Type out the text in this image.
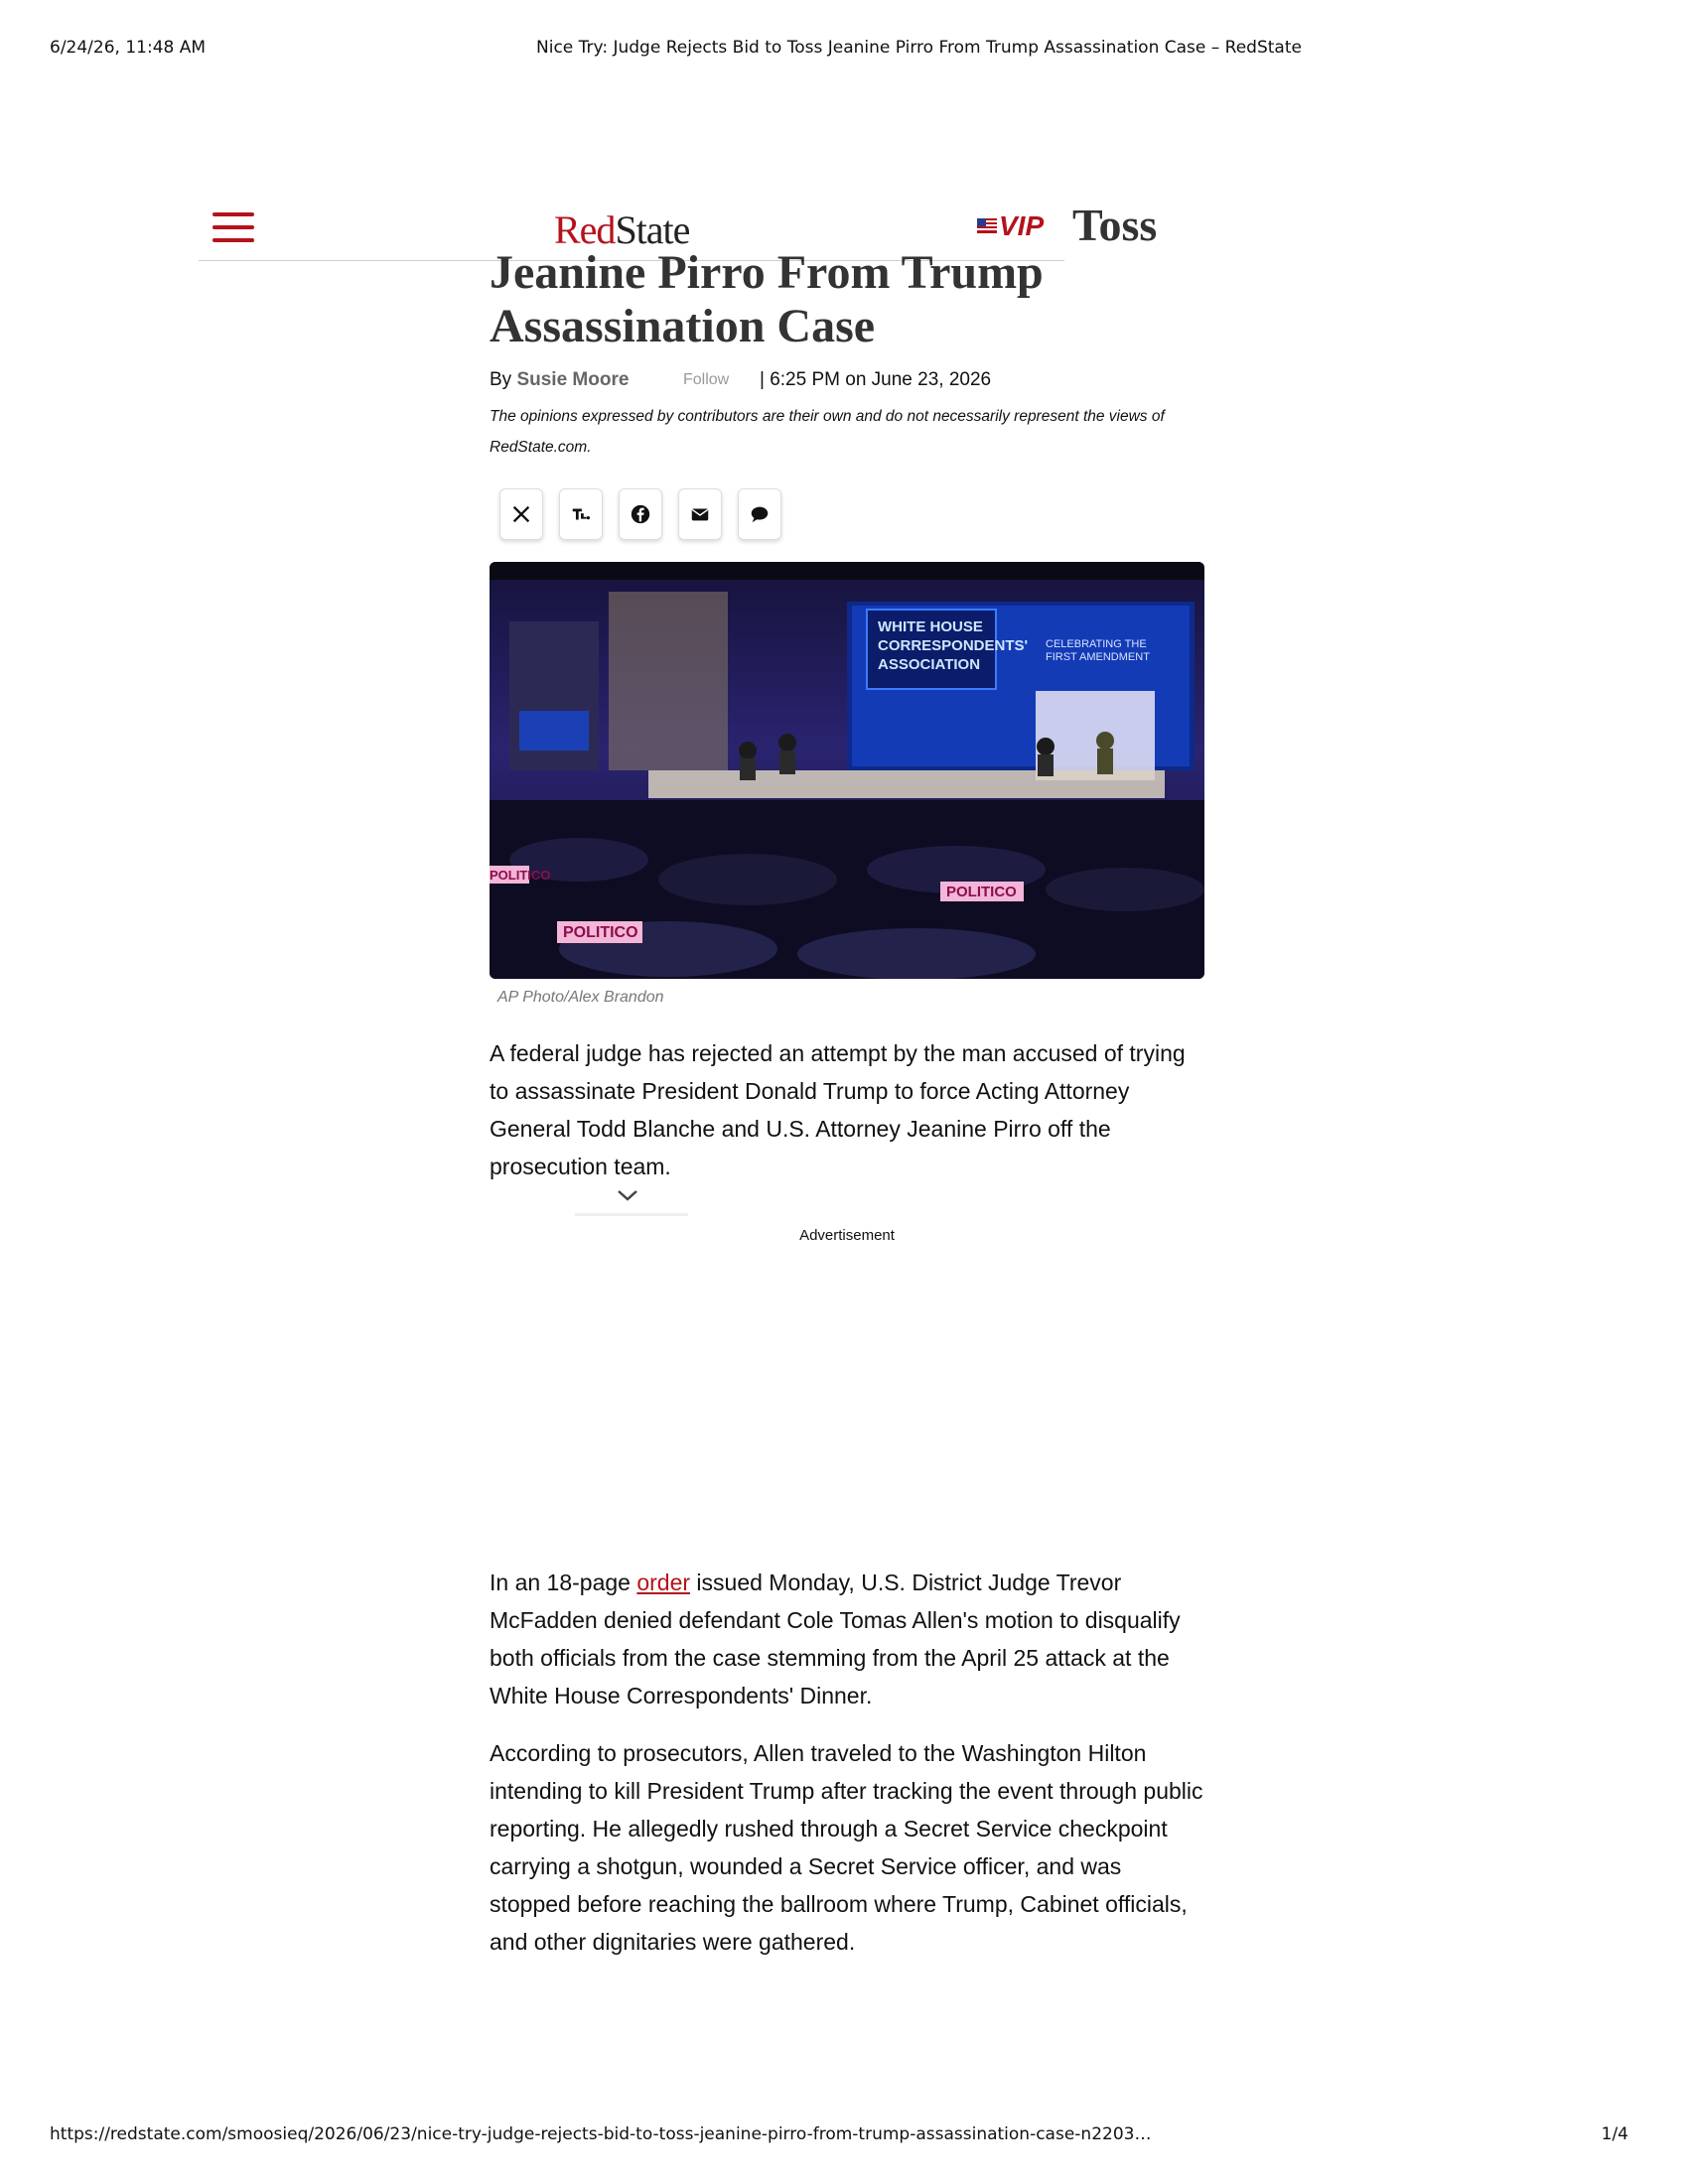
6/24/26, 11:48 AM	Nice Try: Judge Rejects Bid to Toss Jeanine Pirro From Trump Assassination Case – RedState
RedState	VIP Toss
Jeanine Pirro From Trump
Assassination Case
By Susie Moore	Follow | 6:25 PM on June 23, 2026
The opinions expressed by contributors are their own and do not necessarily represent the views of RedState.com.
WHITE HOUSE
CORRESPONDENTS'
ASSOCIATION
CELEBRATING THE
FIRST AMENDMENT
POLITICO
POLITICO
POLITICO
AP Photo/Alex Brandon

A federal judge has rejected an attempt by the man accused of trying to assassinate President Donald Trump to force Acting Attorney General Todd Blanche and U.S. Attorney Jeanine Pirro off the prosecution team.

Advertisement

In an 18-page order issued Monday, U.S. District Judge Trevor McFadden denied defendant Cole Tomas Allen's motion to disqualify both officials from the case stemming from the April 25 attack at the White House Correspondents' Dinner.

According to prosecutors, Allen traveled to the Washington Hilton intending to kill President Trump after tracking the event through public reporting. He allegedly rushed through a Secret Service checkpoint carrying a shotgun, wounded a Secret Service officer, and was stopped before reaching the ballroom where Trump, Cabinet officials, and other dignitaries were gathered.

https://redstate.com/smoosieq/2026/06/23/nice-try-judge-rejects-bid-to-toss-jeanine-pirro-from-trump-assassination-case-n2203…	1/4
